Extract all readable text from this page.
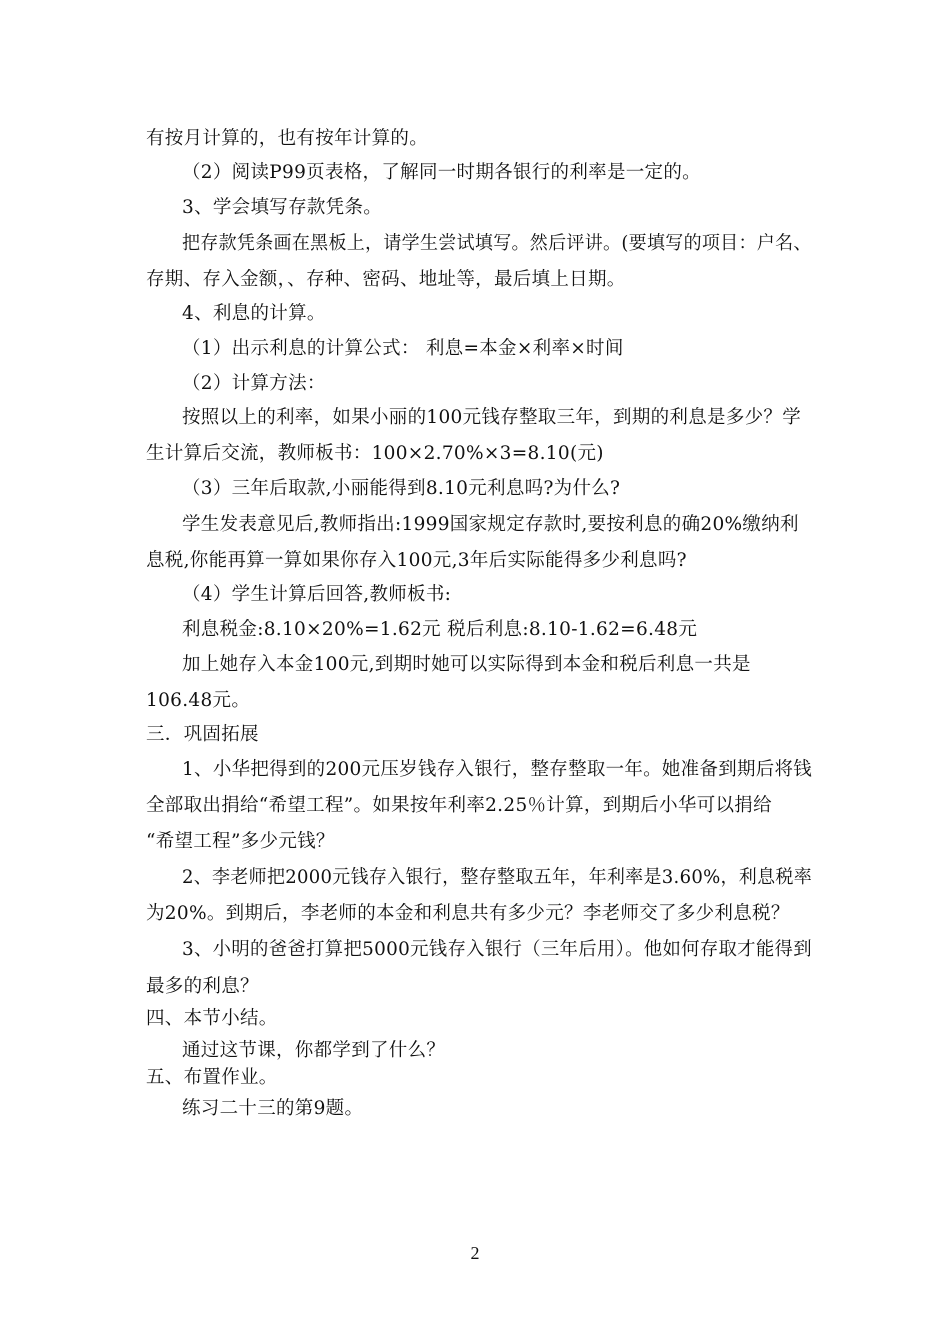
有按月计算的，也有按年计算的。
（2）阅读P99页表格，了解同一时期各银行的利率是一定的。
3、学会填写存款凭条。
把存款凭条画在黑板上，请学生尝试填写。然后评讲。(要填写的项目：户名、
存期、存入金额，、存种、密码、地址等，最后填上日期。
4、利息的计算。
（1）出示利息的计算公式： 利息=本金×利率×时间
（2）计算方法：
按照以上的利率，如果小丽的100元钱存整取三年，到期的利息是多少？学
生计算后交流，教师板书：100×2.70%×3=8.10(元)
（3）三年后取款,小丽能得到8.10元利息吗?为什么?
学生发表意见后,教师指出:1999国家规定存款时,要按利息的确20%缴纳利
息税,你能再算一算如果你存入100元,3年后实际能得多少利息吗?
（4）学生计算后回答,教师板书:
利息税金:8.10×20%=1.62元 税后利息:8.10-1.62=6.48元
加上她存入本金100元,到期时她可以实际得到本金和税后利息一共是
106.48元。
三．巩固拓展
1、小华把得到的200元压岁钱存入银行，整存整取一年。她准备到期后将钱
全部取出捐给“希望工程”。如果按年利率2.25％计算，到期后小华可以捐给
“希望工程”多少元钱？
2、李老师把2000元钱存入银行，整存整取五年，年利率是3.60%，利息税率
为20%。到期后，李老师的本金和利息共有多少元？李老师交了多少利息税？
3、小明的爸爸打算把5000元钱存入银行（三年后用）。他如何存取才能得到
最多的利息？
四、本节小结。
通过这节课，你都学到了什么？
五、布置作业。
练习二十三的第9题。
2
